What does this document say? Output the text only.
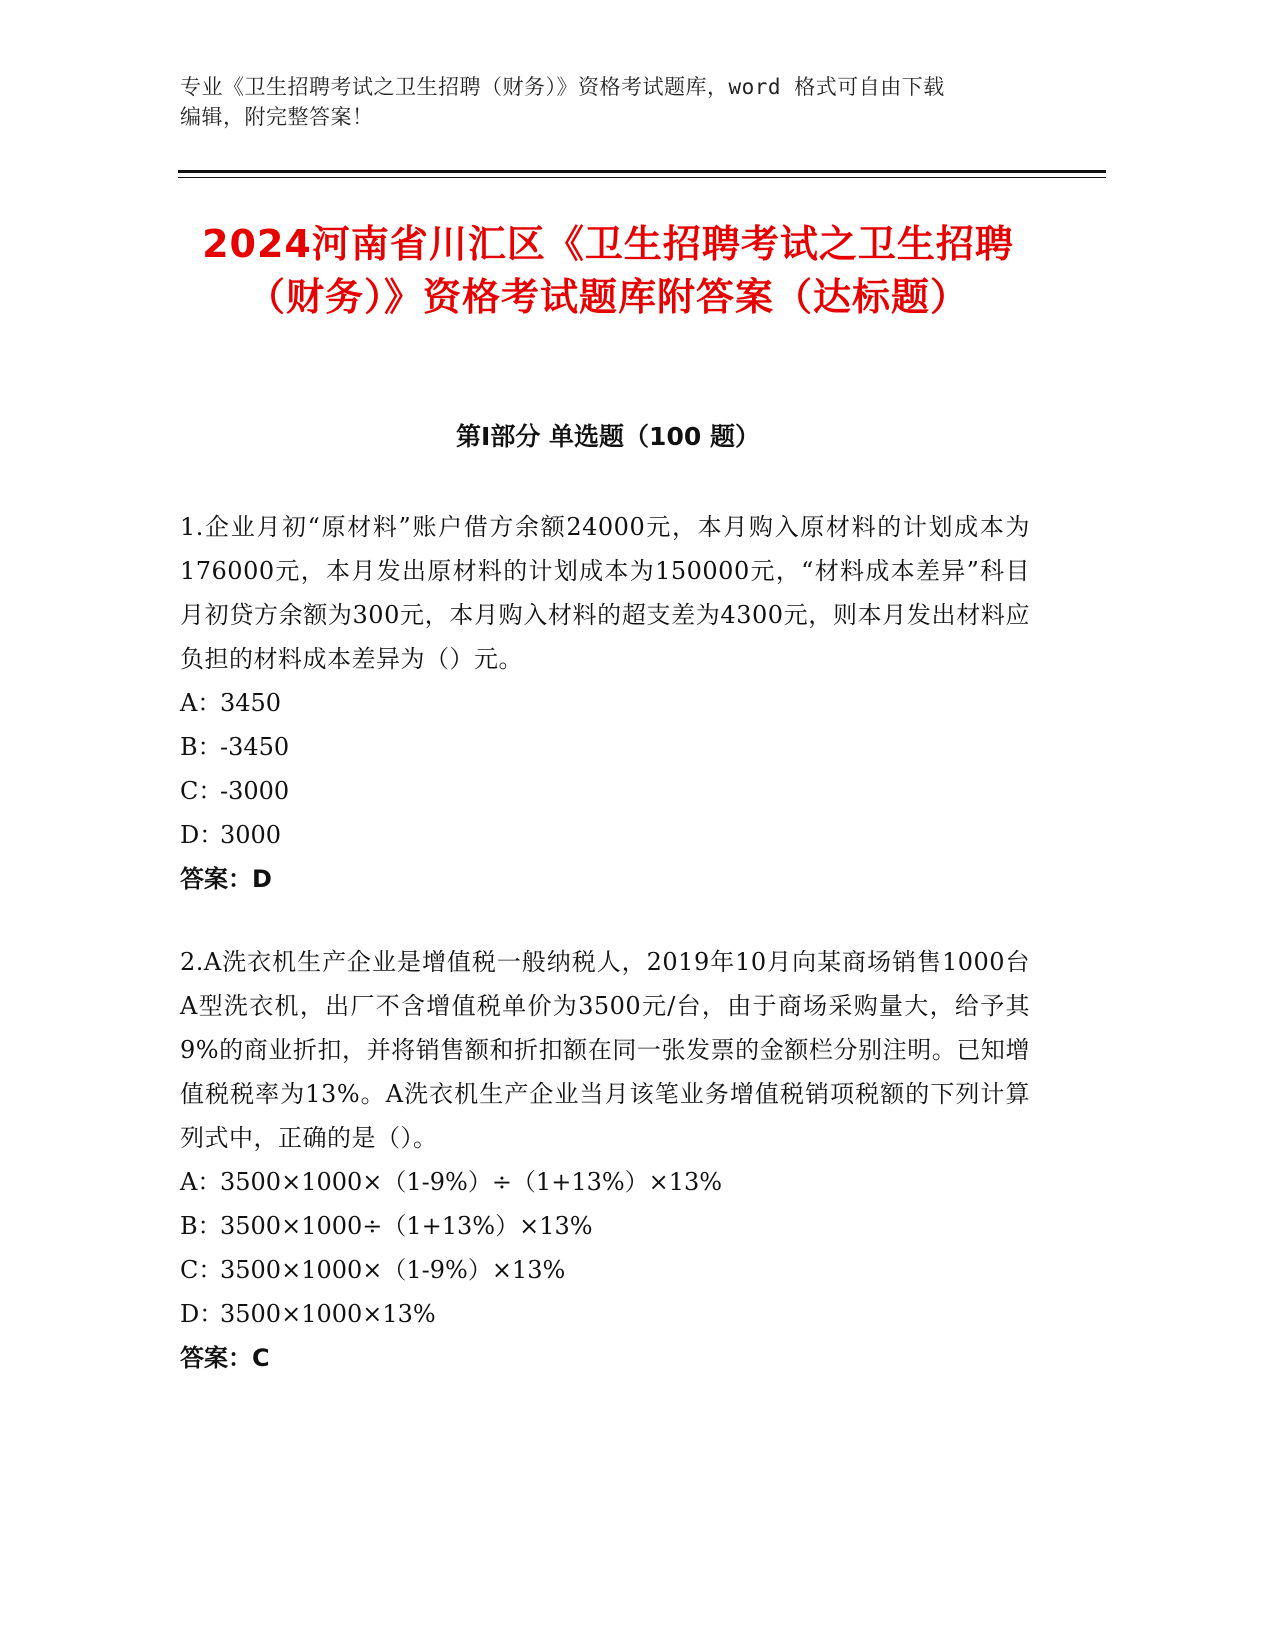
专业《卫生招聘考试之卫生招聘（财务）》资格考试题库，word 格式可自由下载
编辑，附完整答案！
2024河南省川汇区《卫生招聘考试之卫生招聘（财务）》资格考试题库附答案（达标题）
第Ⅰ部分 单选题（100 题）
1.企业月初“原材料”账户借方余额24000元，本月购入原材料的计划成本为176000元，本月发出原材料的计划成本为150000元，“材料成本差异”科目月初贷方余额为300元，本月购入材料的超支差为4300元，则本月发出材料应负担的材料成本差异为（）元。
A：3450
B：-3450
C：-3000
D：3000
答案：D
2.A洗衣机生产企业是增值税一般纳税人，2019年10月向某商场销售1000台A型洗衣机，出厂不含增值税单价为3500元/台，由于商场采购量大，给予其9%的商业折扣，并将销售额和折扣额在同一张发票的金额栏分别注明。已知增值税税率为13%。A洗衣机生产企业当月该笔业务增值税销项税额的下列计算列式中，正确的是（）。
A：3500×1000×（1-9%）÷（1+13%）×13%
B：3500×1000÷（1+13%）×13%
C：3500×1000×（1-9%）×13%
D：3500×1000×13%
答案：C
